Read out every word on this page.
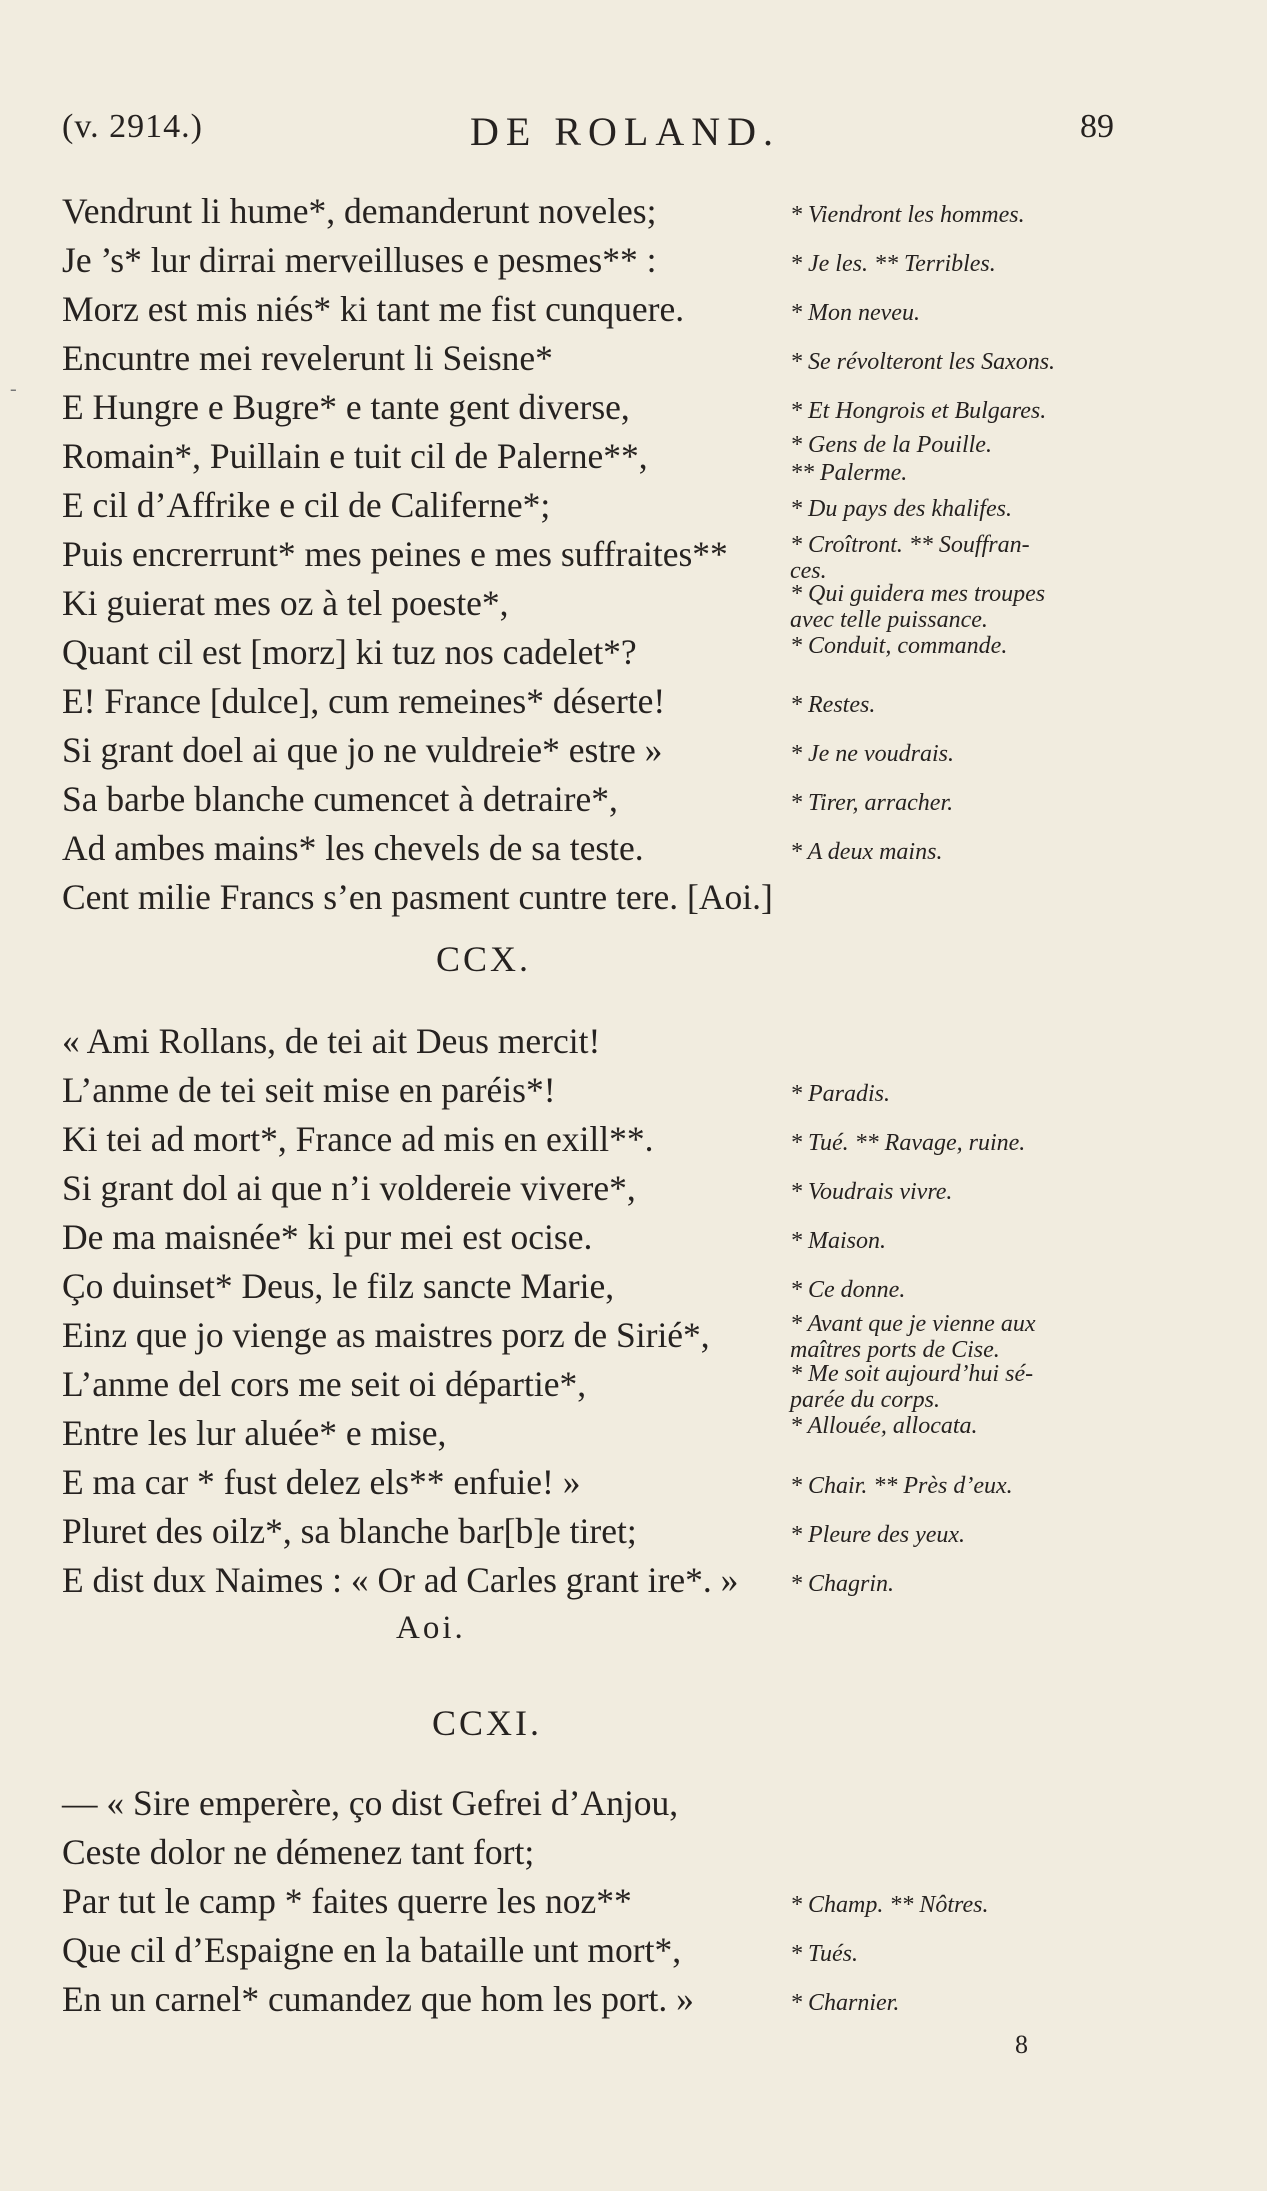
(v. 2914.)	DE ROLAND.	89
-
Vendrunt li hume*, demanderunt noveles;
Je ’s* lur dirrai merveilluses e pesmes** :
Morz est mis niés* ki tant me fist cunquere.
Encuntre mei revelerunt li Seisne*
E Hungre e Bugre* e tante gent diverse,
Romain*, Puillain e tuit cil de Palerne**,
E cil d’Affrike e cil de Califerne*;
Puis encrerrunt* mes peines e mes suffraites**
Ki guierat mes oz à tel poeste*,
Quant cil est [morz] ki tuz nos cadelet*?
E! France [dulce], cum remeines* déserte!
Si grant doel ai que jo ne vuldreie* estre »
Sa barbe blanche cumencet à detraire*,
Ad ambes mains* les chevels de sa teste.
Cent milie Francs s’en pasment cuntre tere. [Aoi.]
* Viendront les hommes.
* Je les. ** Terribles.
* Mon neveu.
* Se révolteront les Saxons.
* Et Hongrois et Bulgares.
* Gens de la Pouille.
** Palerme.
* Du pays des khalifes.
* Croîtront. ** Souffran-
ces.
* Qui guidera mes troupes
avec telle puissance.
* Conduit, commande.
* Restes.
* Je ne voudrais.
* Tirer, arracher.
* A deux mains.
CCX.
« Ami Rollans, de tei ait Deus mercit!
L’anme de tei seit mise en paréis*!
Ki tei ad mort*, France ad mis en exill**.
Si grant dol ai que n’i voldereie vivere*,
De ma maisnée* ki pur mei est ocise.
Ço duinset* Deus, le filz sancte Marie,
Einz que jo vienge as maistres porz de Sirié*,
L’anme del cors me seit oi départie*,
Entre les lur aluée* e mise,
E ma car * fust delez els** enfuie! »
Pluret des oilz*, sa blanche bar[b]e tiret;
E dist dux Naimes : « Or ad Carles grant ire*. »
Aoi.
* Paradis.
* Tué. ** Ravage, ruine.
* Voudrais vivre.
* Maison.
* Ce donne.
* Avant que je vienne aux
maîtres ports de Cise.
* Me soit aujourd’hui sé-
parée du corps.
* Allouée, allocata.
* Chair. ** Près d’eux.
* Pleure des yeux.
* Chagrin.
CCXI.
— « Sire emperère, ço dist Gefrei d’Anjou,
Ceste dolor ne démenez tant fort;
Par tut le camp * faites querre les noz**
Que cil d’Espaigne en la bataille unt mort*,
En un carnel* cumandez que hom les port. »
* Champ. ** Nôtres.
* Tués.
* Charnier.
8
